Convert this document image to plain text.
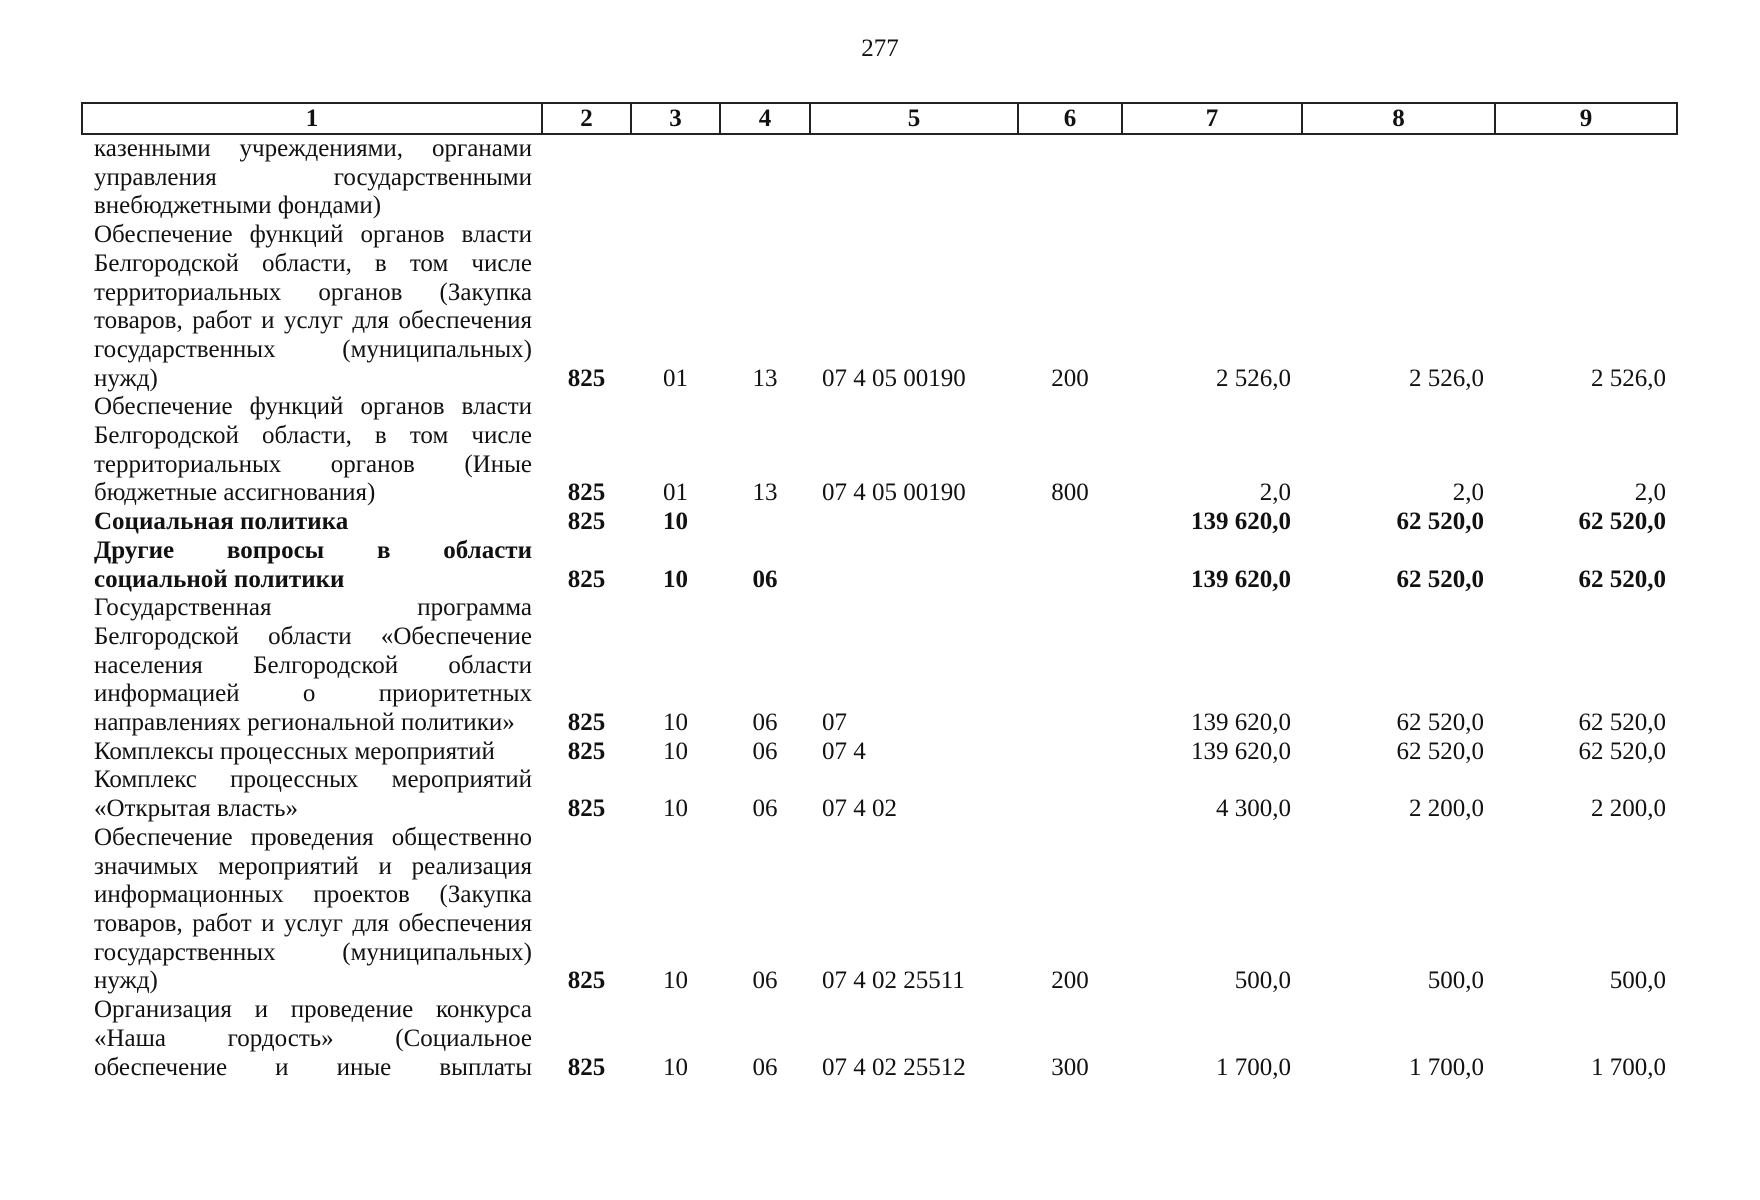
277
1	2	3	4	5	6	7	8	9
казенными учреждениями, органами управления государственными внебюджетными фондами)								
Обеспечение функций органов власти Белгородской области, в том числе территориальных органов (Закупка товаров, работ и услуг для обеспечения государственных (муниципальных) нужд)	825	01	13	07 4 05 00190	200	2 526,0	2 526,0	2 526,0
Обеспечение функций органов власти Белгородской области, в том числе территориальных органов (Иные бюджетные ассигнования)	825	01	13	07 4 05 00190	800	2,0	2,0	2,0
Социальная политика	825	10				139 620,0	62 520,0	62 520,0
Другие вопросы в области социальной политики	825	10	06			139 620,0	62 520,0	62 520,0
Государственная программа Белгородской области «Обеспечение населения Белгородской области информацией о приоритетных направлениях региональной политики»	825	10	06	07		139 620,0	62 520,0	62 520,0
Комплексы процессных мероприятий	825	10	06	07 4		139 620,0	62 520,0	62 520,0
Комплекс процессных мероприятий «Открытая власть»	825	10	06	07 4 02		4 300,0	2 200,0	2 200,0
Обеспечение проведения общественно значимых мероприятий и реализация информационных проектов (Закупка товаров, работ и услуг для обеспечения государственных (муниципальных) нужд)	825	10	06	07 4 02 25511	200	500,0	500,0	500,0
Организация и проведение конкурса «Наша гордость» (Социальное обеспечение и иные выплаты	825	10	06	07 4 02 25512	300	1 700,0	1 700,0	1 700,0
